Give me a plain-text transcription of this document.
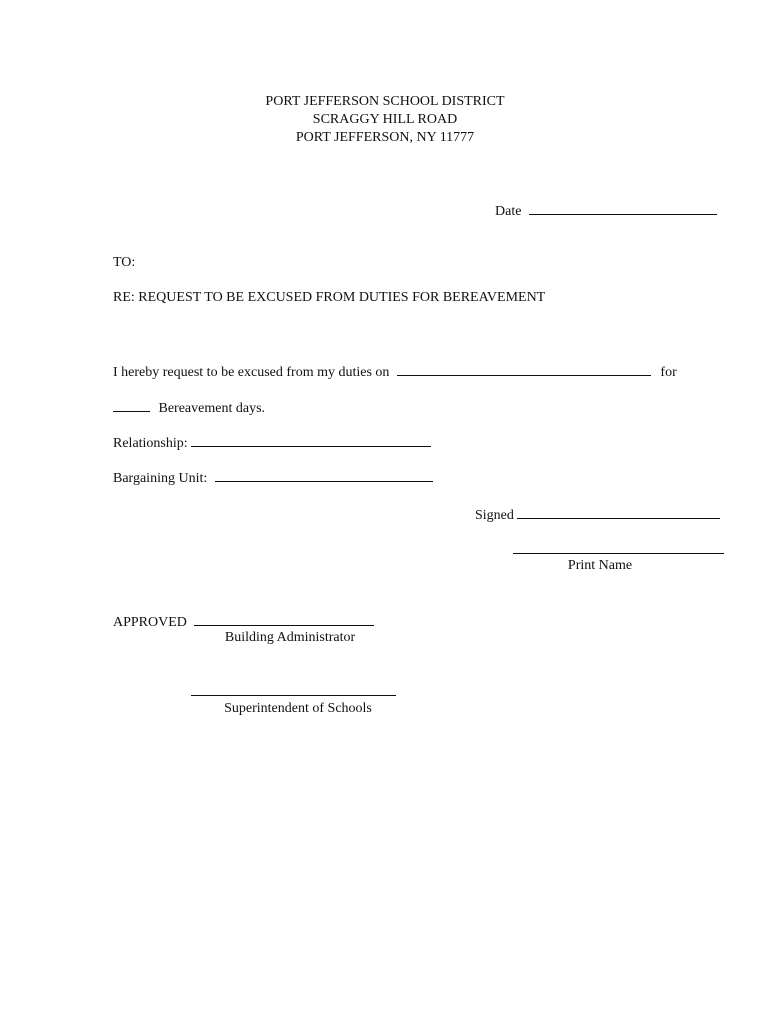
PORT JEFFERSON SCHOOL DISTRICT
SCRAGGY HILL ROAD
PORT JEFFERSON, NY 11777
Date
TO:
RE: REQUEST TO BE EXCUSED FROM DUTIES FOR BEREAVEMENT
I hereby request to be excused from my duties on	for
Bereavement days.
Relationship:
Bargaining Unit:
Signed
Print Name
APPROVED
Building Administrator
Superintendent of Schools
